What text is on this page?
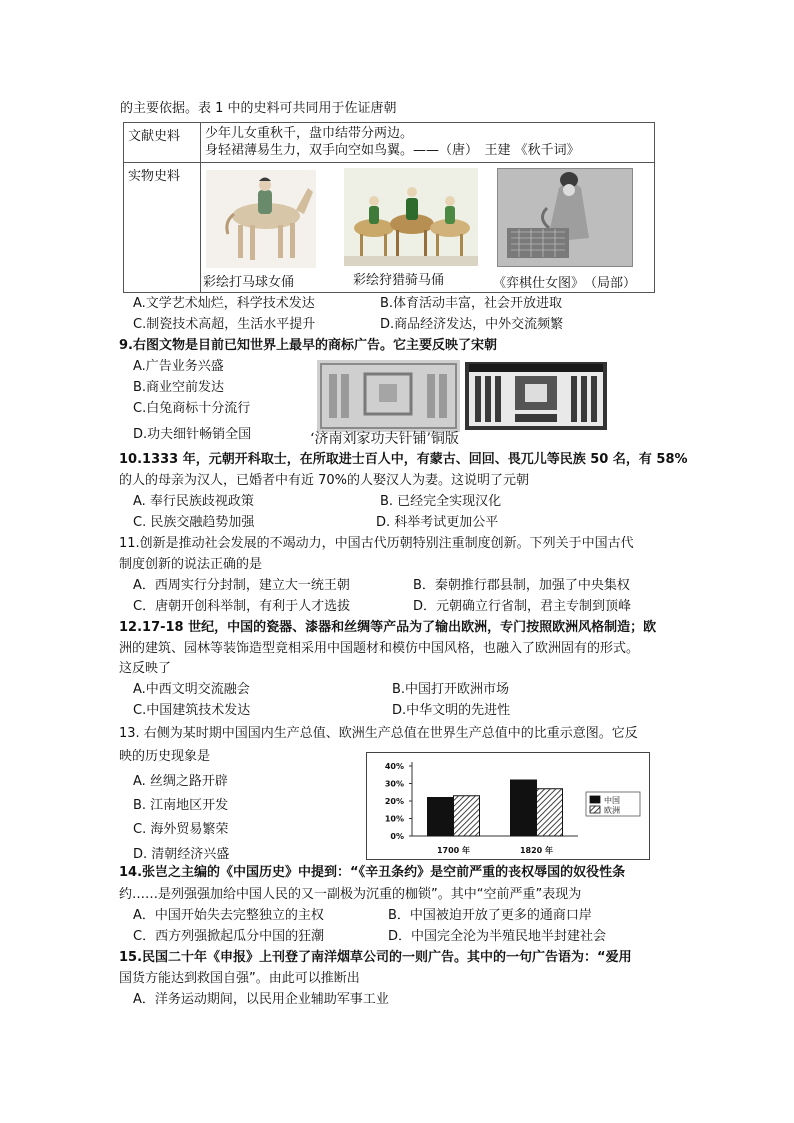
的主要依据。表 1 中的史料可共同用于佐证唐朝
文献史料	少年儿女重秋千，盘巾结带分两边。
身轻裙薄易生力，双手向空如鸟翼。——（唐）　王建 《秋千词》

实物史料	
彩绘打马球女俑	彩绘狩猎骑马俑	《弈棋仕女图》　（局部）
A.文学艺术灿烂，科学技术发达	B.体育活动丰富，社会开放进取
C.制瓷技术高超，生活水平提升	D.商品经济发达，中外交流频繁
9.右图文物是目前已知世界上最早的商标广告。它主要反映了宋朝
A.广告业务兴盛
B.商业空前发达
C.白兔商标十分流行
D.功夫细针畅销全国	‘济南刘家功夫针铺’铜版
10.1333 年，元朝开科取士，在所取进士百人中，有蒙古、回回、畏兀儿等民族 50 名，有 58%
的人的母亲为汉人，已婚者中有近 70%的人娶汉人为妻。这说明了元朝
A. 奉行民族歧视政策	B. 已经完全实现汉化
C. 民族交融趋势加强	D. 科举考试更加公平
11.创新是推动社会发展的不竭动力，中国古代历朝特别注重制度创新。下列关于中国古代
制度创新的说法正确的是
A．西周实行分封制，建立大一统王朝	B．秦朝推行郡县制，加强了中央集权
C．唐朝开创科举制，有利于人才选拔	D．元朝确立行省制，君主专制到顶峰
12.17-18 世纪，中国的瓷器、漆器和丝绸等产品为了输出欧洲，专门按照欧洲风格制造；欧
洲的建筑、园林等装饰造型竟相采用中国题材和模仿中国风格，也融入了欧洲固有的形式。
这反映了
A.中西文明交流融会	B.中国打开欧洲市场
C.中国建筑技术发达	D.中华文明的先进性
13. 右侧为某时期中国国内生产总值、欧洲生产总值在世界生产总值中的比重示意图。它反
映的历史现象是
A. 丝绸之路开辟
B. 江南地区开发
C. 海外贸易繁荣
D. 清朝经济兴盛
40%
30%
20%
10%
0%
1700 年	1820 年
中国
欧洲
14.张岂之主编的《中国历史》中提到：“《辛丑条约》是空前严重的丧权辱国的奴役性条
约……是列强强加给中国人民的又一副极为沉重的枷锁”。其中“空前严重”表现为
A．中国开始失去完整独立的主权	B．中国被迫开放了更多的通商口岸
C．西方列强掀起瓜分中国的狂潮	D．中国完全沦为半殖民地半封建社会
15.民国二十年《申报》上刊登了南洋烟草公司的一则广告。其中的一句广告语为：“爱用
国货方能达到救国自强”。由此可以推断出
A．洋务运动期间，以民用企业辅助军事工业
